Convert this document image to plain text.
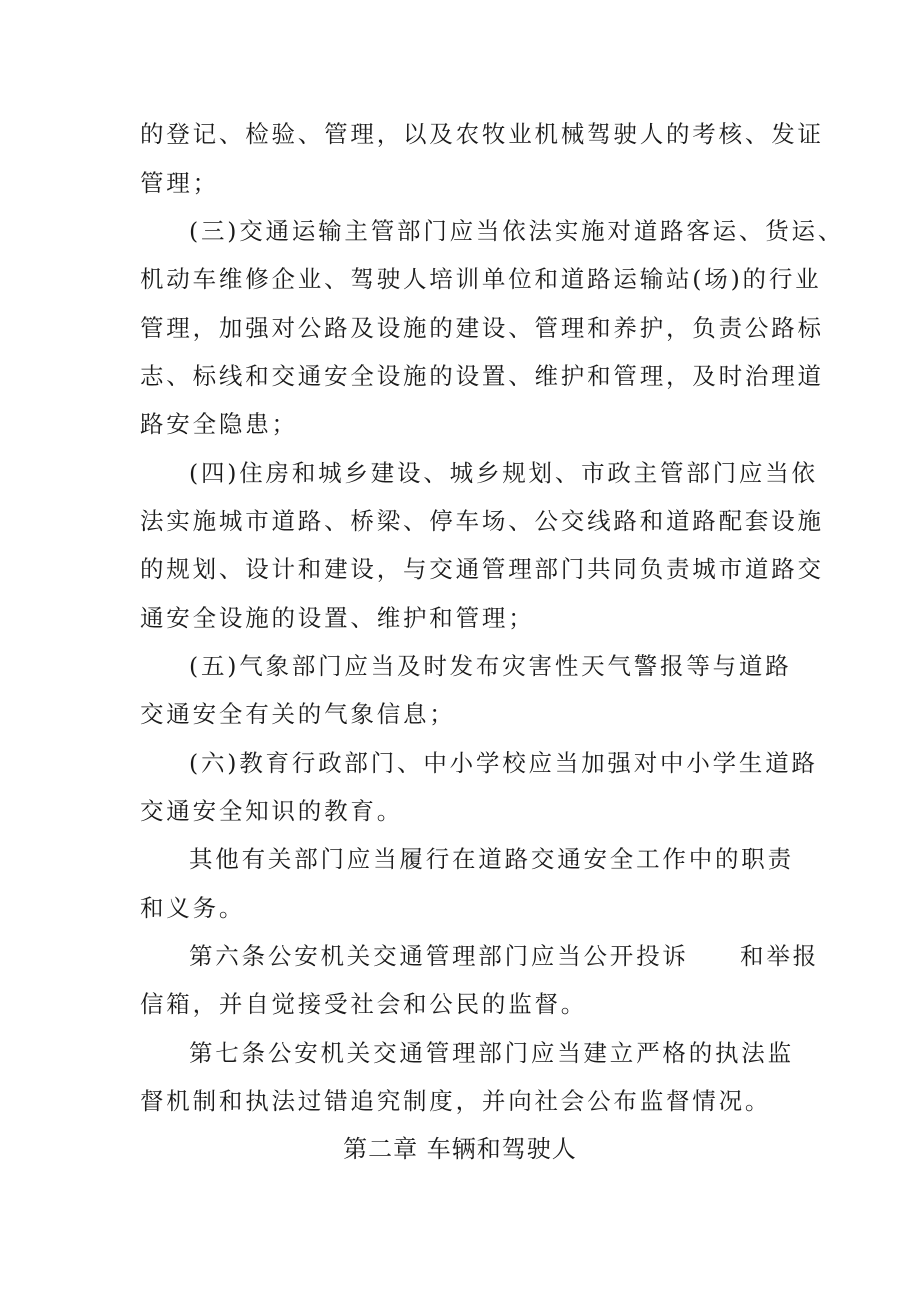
的登记、检验、管理，以及农牧业机械驾驶人的考核、发证
管理；
(三)交通运输主管部门应当依法实施对道路客运、货运、
机动车维修企业、驾驶人培训单位和道路运输站(场)的行业
管理，加强对公路及设施的建设、管理和养护，负责公路标
志、标线和交通安全设施的设置、维护和管理，及时治理道
路安全隐患；
(四)住房和城乡建设、城乡规划、市政主管部门应当依
法实施城市道路、桥梁、停车场、公交线路和道路配套设施
的规划、设计和建设，与交通管理部门共同负责城市道路交
通安全设施的设置、维护和管理；
(五)气象部门应当及时发布灾害性天气警报等与道路
交通安全有关的气象信息；
(六)教育行政部门、中小学校应当加强对中小学生道路
交通安全知识的教育。
其他有关部门应当履行在道路交通安全工作中的职责
和义务。
第六条公安机关交通管理部门应当公开投诉     和举报
信箱，并自觉接受社会和公民的监督。
第七条公安机关交通管理部门应当建立严格的执法监
督机制和执法过错追究制度，并向社会公布监督情况。
第二章 车辆和驾驶人
